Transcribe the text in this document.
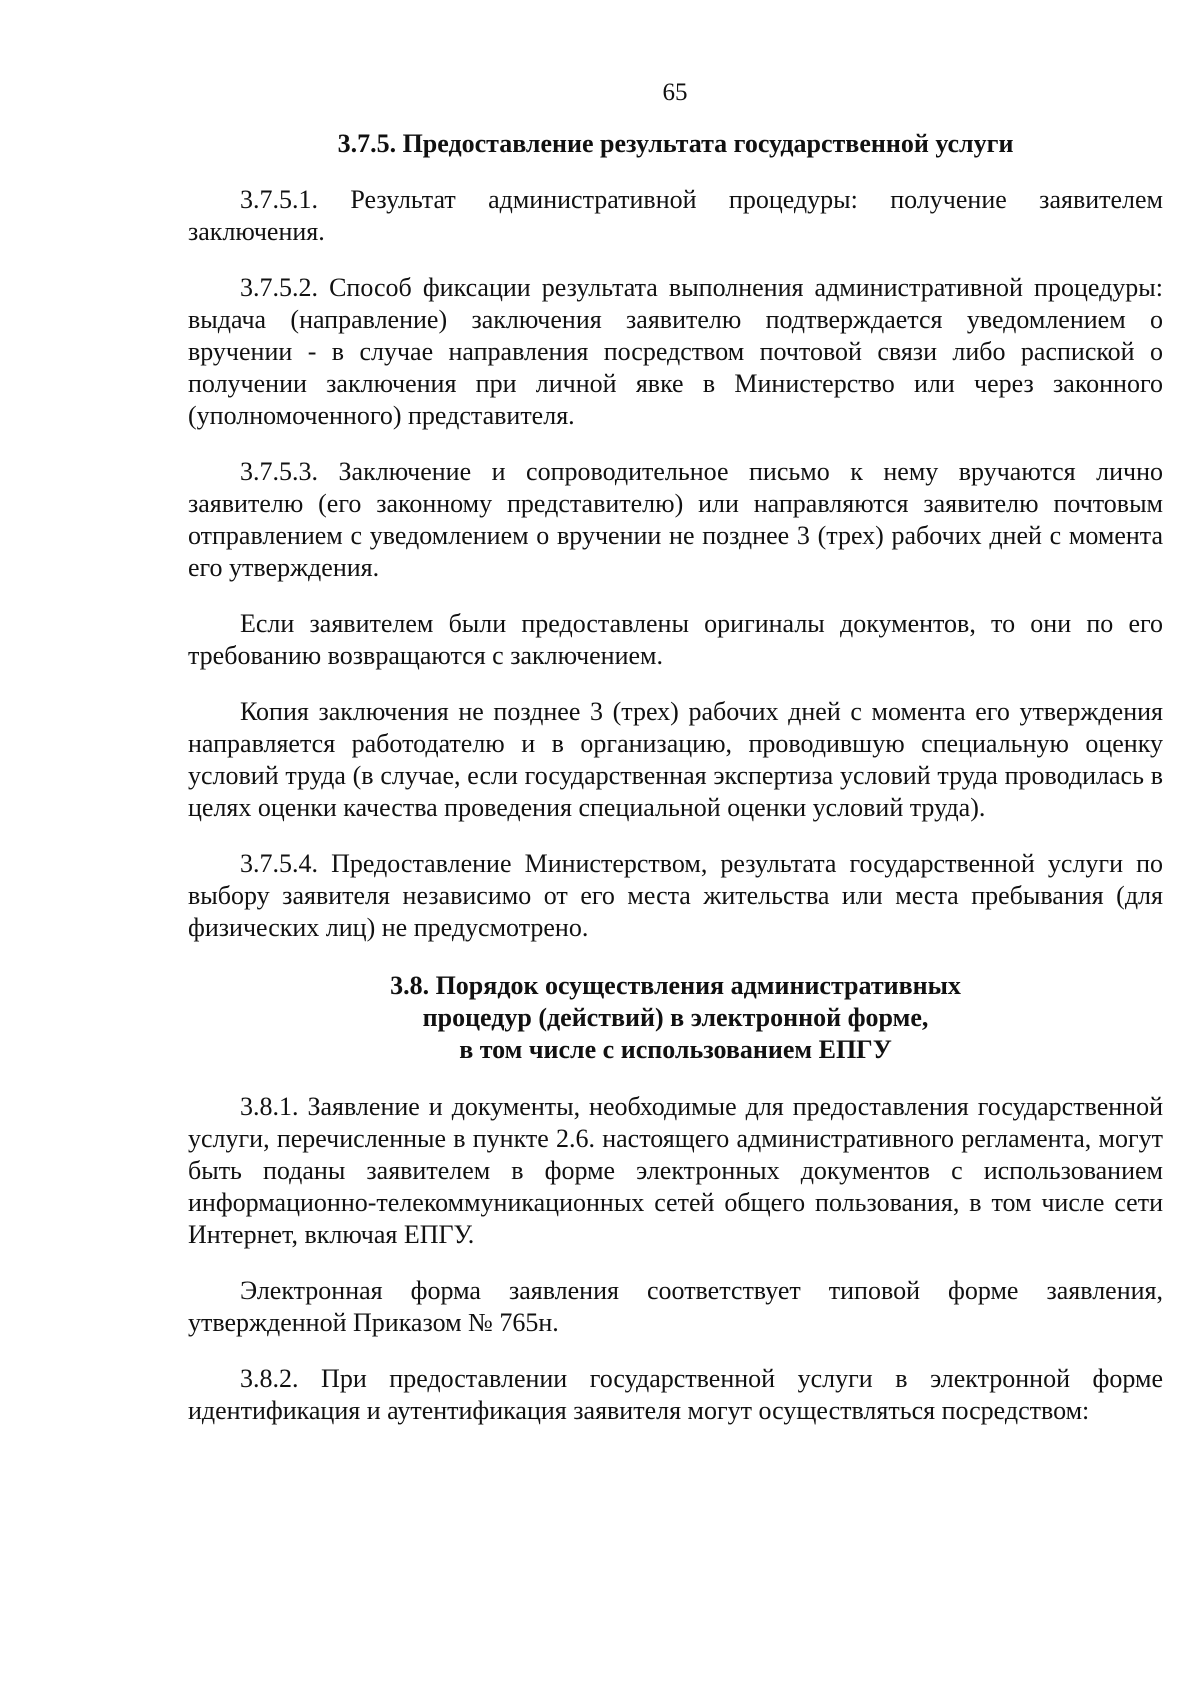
65
3.7.5. Предоставление результата государственной услуги

3.7.5.1. Результат административной процедуры: получение заявителем заключения.

3.7.5.2. Способ фиксации результата выполнения административной процедуры: выдача (направление) заключения заявителю подтверждается уведомлением о вручении - в случае направления посредством почтовой связи либо распиской о получении заключения при личной явке в Министерство или через законного (уполномоченного) представителя.

3.7.5.3. Заключение и сопроводительное письмо к нему вручаются лично заявителю (его законному представителю) или направляются заявителю почтовым отправлением с уведомлением о вручении не позднее 3 (трех) рабочих дней с момента его утверждения.

Если заявителем были предоставлены оригиналы документов, то они по его требованию возвращаются с заключением.

Копия заключения не позднее 3 (трех) рабочих дней с момента его утверждения направляется работодателю и в организацию, проводившую специальную оценку условий труда (в случае, если государственная экспертиза условий труда проводилась в целях оценки качества проведения специальной оценки условий труда).

3.7.5.4. Предоставление Министерством, результата государственной услуги по выбору заявителя независимо от его места жительства или места пребывания (для физических лиц) не предусмотрено.

3.8. Порядок осуществления административных
процедур (действий) в электронной форме,
в том числе с использованием ЕПГУ

3.8.1. Заявление и документы, необходимые для предоставления государственной услуги, перечисленные в пункте 2.6. настоящего административного регламента, могут быть поданы заявителем в форме электронных документов с использованием информационно-телекоммуникационных сетей общего пользования, в том числе сети Интернет, включая ЕПГУ.

Электронная форма заявления соответствует типовой форме заявления, утвержденной Приказом № 765н.

3.8.2. При предоставлении государственной услуги в электронной форме идентификация и аутентификация заявителя могут осуществляться посредством:
